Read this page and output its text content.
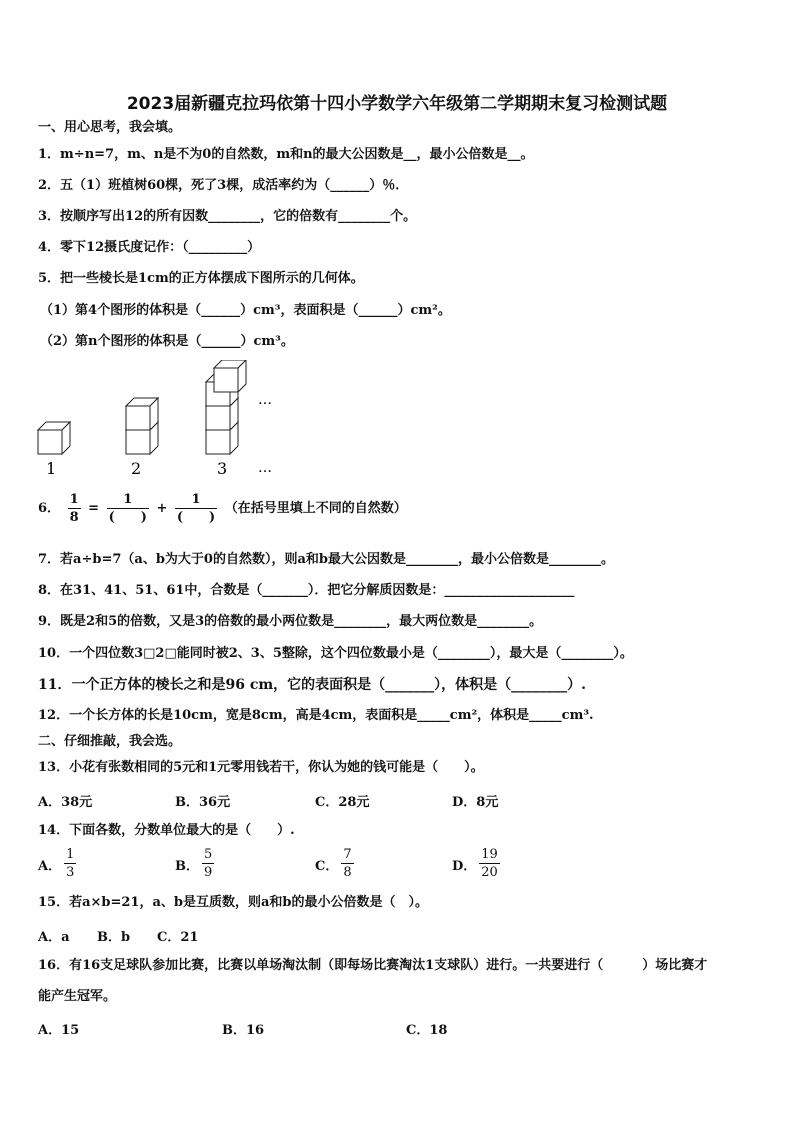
2023届新疆克拉玛依第十四小学数学六年级第二学期期末复习检测试题
一、用心思考，我会填。
1．m÷n=7，m、n是不为0的自然数，m和n的最大公因数是__，最小公倍数是__。
2．五（1）班植树60棵，死了3棵，成活率约为（______）％．
3．按顺序写出12的所有因数________，它的倍数有________个。
4．零下12摄氏度记作：（_________）
5．把一些棱长是1cm的正方体摆成下图所示的几何体。
（1）第4个图形的体积是（______）cm³，表面积是（______）cm²。
（2）第n个图形的体积是（______）cm³。
1	2	3
…
…
6． $\frac{1}{8} = \frac{1}{( )} + \frac{1}{( )}$ （在括号里填上不同的自然数）
7．若a÷b=7（a、b为大于0的自然数），则a和b最大公因数是________，最小公倍数是________。
8．在31、41、51、61中，合数是（_______）．把它分解质因数是：____________________
9．既是2和5的倍数，又是3的倍数的最小两位数是________，最大两位数是________。
10．一个四位数3□2□能同时被2、3、5整除，这个四位数最小是（________），最大是（________）。
11．一个正方体的棱长之和是96 cm，它的表面积是（_______），体积是（________）.
12．一个长方体的长是10cm，宽是8cm，高是4cm，表面积是_____cm²，体积是_____cm³.
二、仔细推敲，我会选。
13．小花有张数相同的5元和1元零用钱若干，你认为她的钱可能是（　　）。
A．38元	B．36元	C．28元	D．8元
14．下面各数，分数单位最大的是（　　）.
A． $\frac{1}{3}$	B． $\frac{5}{9}$	C． $\frac{7}{8}$	D． $\frac{19}{20}$
15．若a×b=21，a、b是互质数，则a和b的最小公倍数是（　）。
A．a B．b C．21
16．有16支足球队参加比赛，比赛以单场淘汰制（即每场比赛淘汰1支球队）进行。一共要进行（　　　）场比赛才
能产生冠军。
A．15	B．16	C．18
